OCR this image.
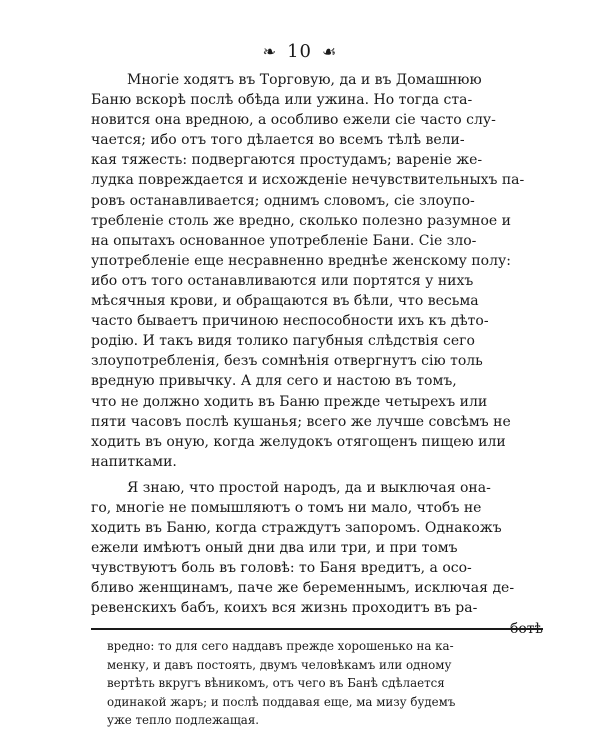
❧ 10 ☙
Многіе ходятъ въ Торговую, да и въ Домашнюю
Баню вскорѣ послѣ обѣда или ужина. Но тогда ста-
новится она вредною, а особливо ежели сіе часто слу-
чается; ибо отъ того дѣлается во всемъ тѣлѣ вели-
кая тяжесть: подвергаются простудамъ; вареніе же-
лудка повреждается и исхожденіе нечувствительныхъ па-
ровъ останавливается; однимъ словомъ, сіе злоупо-
требленіе столь же вредно, сколько полезно разумное и
на опытахъ основанное употребленіе Бани. Сіе зло-
употребленіе еще несравненно вреднѣе женскому полу:
ибо отъ того останавливаются или портятся у нихъ
мѣсячныя крови, и обращаются въ бѣли, что весьма
часто бываетъ причиною неспособности ихъ къ дѣто-
родію. И такъ видя толико пагубныя слѣдствія сего
злоупотребленія, безъ сомнѣнія отвергнутъ сію толь
вредную привычку. А для сего и настою въ томъ,
что не должно ходить въ Баню прежде четырехъ или
пяти часовъ послѣ кушанья; всего же лучше совсѣмъ не
ходить въ оную, когда желудокъ отягощенъ пищею или
напитками.
Я знаю, что простой народъ, да и выключая она-
го, многіе не помышляютъ о томъ ни мало, чтобъ не
ходить въ Баню, когда страждутъ запоромъ. Однакожъ
ежели имѣютъ оный дни два или три, и при томъ
чувствуютъ боль въ головѣ: то Баня вредитъ, а осо-
бливо женщинамъ, паче же беременнымъ, исключая де-
ревенскихъ бабъ, коихъ вся жизнь проходитъ въ ра-
ботѣ
вредно: то для сего наддавъ прежде хорошенько на ка-
менку, и давъ постоять, двумъ человѣкамъ или одному
вертѣть вкругъ вѣникомъ, отъ чего въ Банѣ сдѣлается
одинакой жаръ; и послѣ поддавая еще, ма мизу будемъ
уже тепло подлежащая.
